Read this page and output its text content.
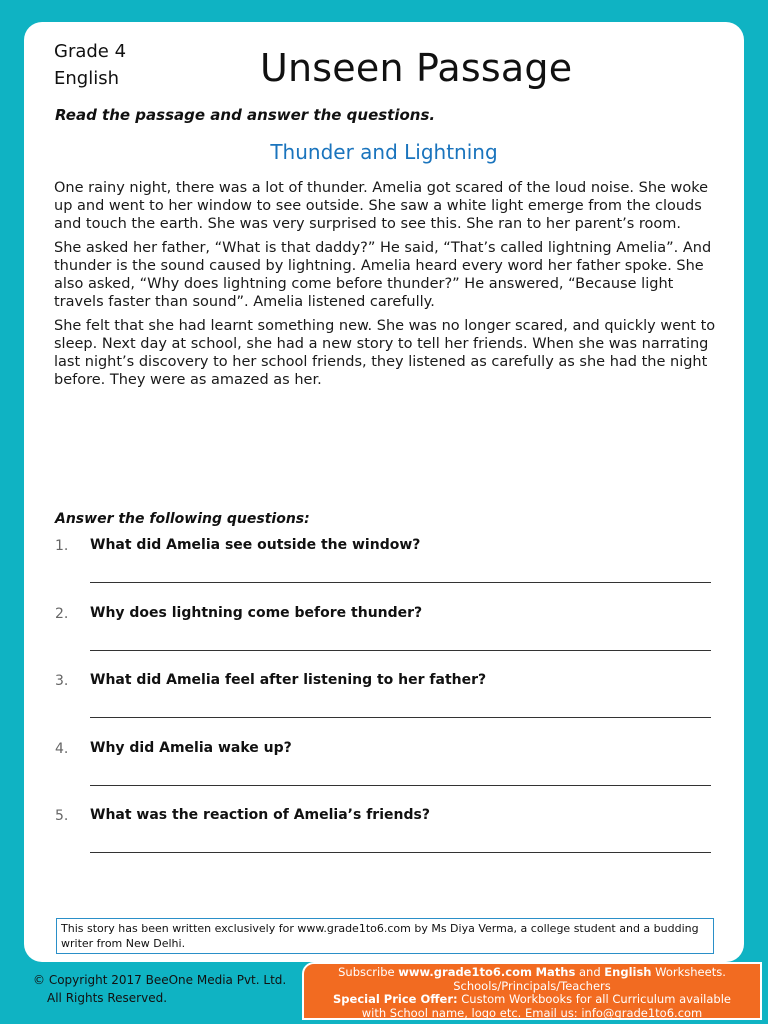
Grade 4
English	Unseen Passage
Read the passage and answer the questions.
Thunder and Lightning

One rainy night, there was a lot of thunder. Amelia got scared of the loud noise. She woke up and went to her window to see outside. She saw a white light emerge from the clouds and touch the earth. She was very surprised to see this. She ran to her parent’s room.

She asked her father, “What is that daddy?” He said, “That’s called lightning Amelia”. And thunder is the sound caused by lightning. Amelia heard every word her father spoke. She also asked, “Why does lightning come before thunder?” He answered, “Because light travels faster than sound”. Amelia listened carefully.

She felt that she had learnt something new. She was no longer scared, and quickly went to sleep. Next day at school, she had a new story to tell her friends. When she was narrating last night’s discovery to her school friends, they listened as carefully as she had the night before. They were as amazed as her.

Answer the following questions:
1. What did Amelia see outside the window?
2. Why does lightning come before thunder?
3. What did Amelia feel after listening to her father?
4. Why did Amelia wake up?
5. What was the reaction of Amelia’s friends?
This story has been written exclusively for www.grade1to6.com by Ms Diya Verma, a college student and a budding writer from New Delhi.
© Copyright 2017 BeeOne Media Pvt. Ltd.
All Rights Reserved.
Subscribe www.grade1to6.com Maths and English Worksheets.
Schools/Principals/Teachers
Special Price Offer: Custom Workbooks for all Curriculum available
with School name, logo etc. Email us: info@grade1to6.com
